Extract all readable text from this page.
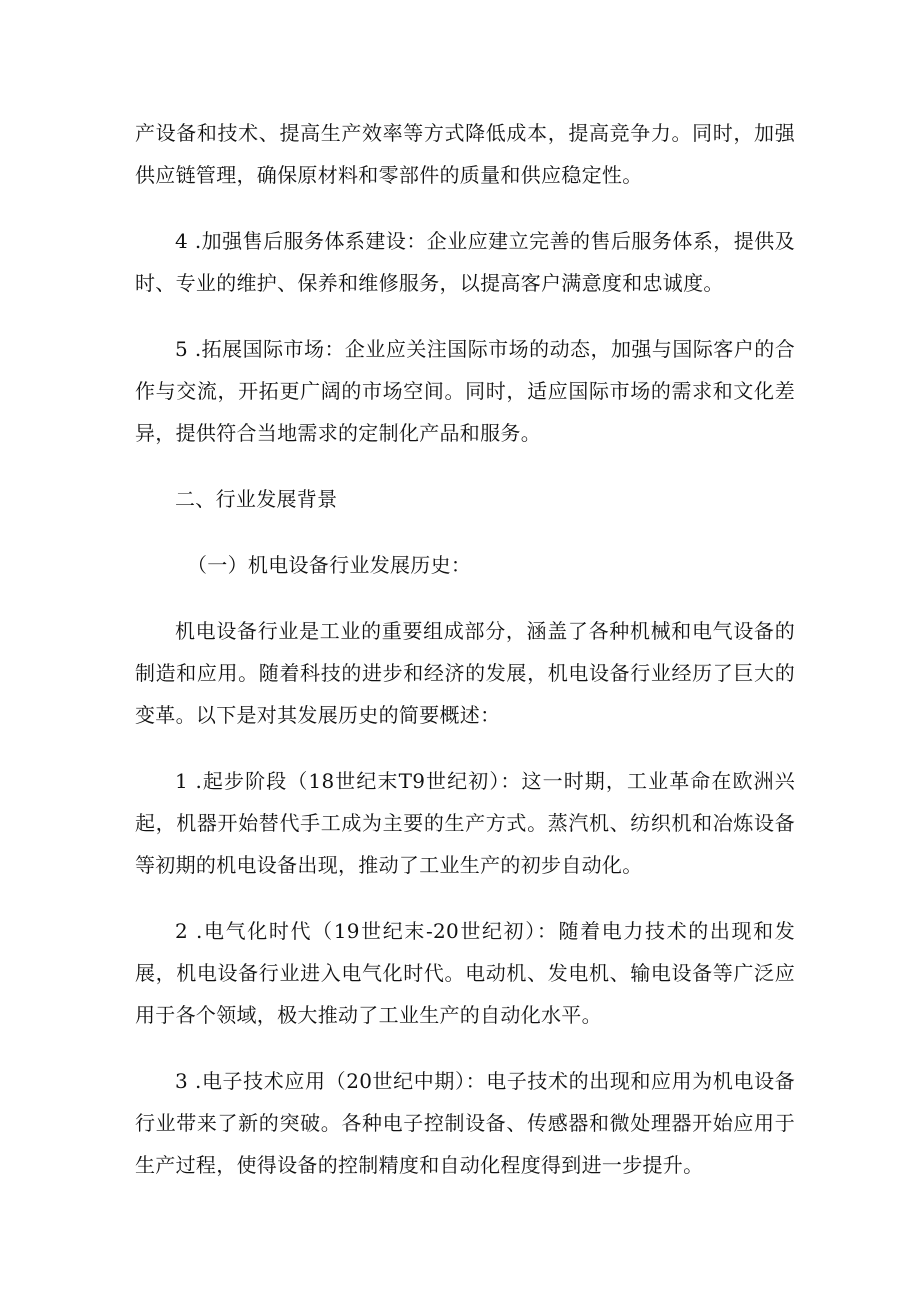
产设备和技术、提高生产效率等方式降低成本，提高竞争力。同时，加强供应链管理，确保原材料和零部件的质量和供应稳定性。

4 .加强售后服务体系建设：企业应建立完善的售后服务体系，提供及时、专业的维护、保养和维修服务，以提高客户满意度和忠诚度。

5 .拓展国际市场：企业应关注国际市场的动态，加强与国际客户的合作与交流，开拓更广阔的市场空间。同时，适应国际市场的需求和文化差异，提供符合当地需求的定制化产品和服务。

二、行业发展背景

（一）机电设备行业发展历史：

机电设备行业是工业的重要组成部分，涵盖了各种机械和电气设备的制造和应用。随着科技的进步和经济的发展，机电设备行业经历了巨大的变革。以下是对其发展历史的简要概述：

1 .起步阶段（18世纪末T9世纪初）：这一时期，工业革命在欧洲兴起，机器开始替代手工成为主要的生产方式。蒸汽机、纺织机和冶炼设备等初期的机电设备出现，推动了工业生产的初步自动化。

2 .电气化时代（19世纪末-20世纪初）：随着电力技术的出现和发展，机电设备行业进入电气化时代。电动机、发电机、输电设备等广泛应用于各个领域，极大推动了工业生产的自动化水平。

3 .电子技术应用（20世纪中期）：电子技术的出现和应用为机电设备行业带来了新的突破。各种电子控制设备、传感器和微处理器开始应用于生产过程，使得设备的控制精度和自动化程度得到进一步提升。
